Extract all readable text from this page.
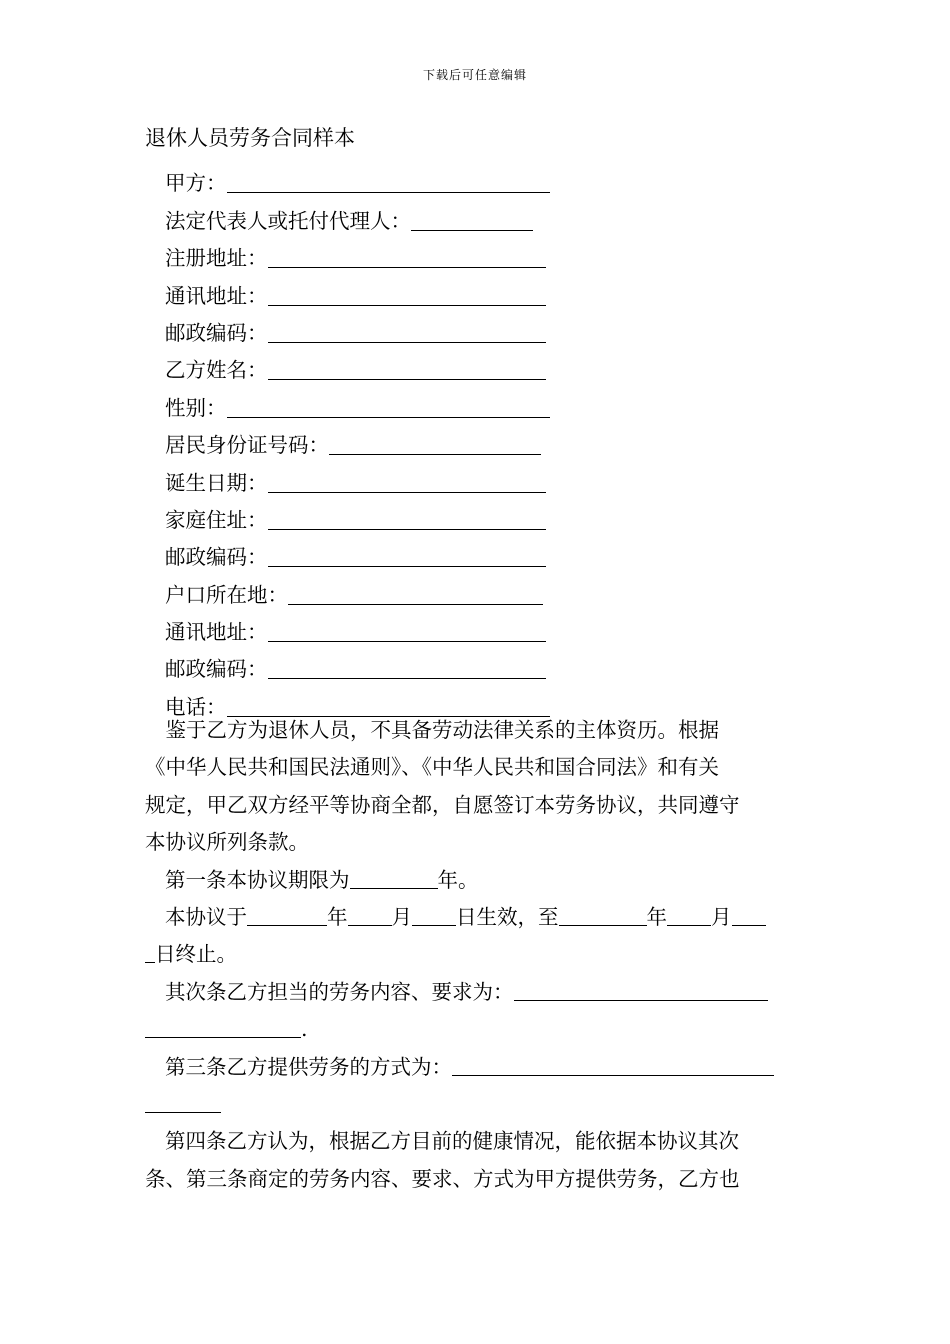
下载后可任意编辑
退休人员劳务合同样本
甲方：
法定代表人或托付代理人：
注册地址：
通讯地址：
邮政编码：
乙方姓名：
性别：
居民身份证号码：
诞生日期：
家庭住址：
邮政编码：
户口所在地：
通讯地址：
邮政编码：
电话：
　鉴于乙方为退休人员，不具备劳动法律关系的主体资历。根据
《中华人民共和国民法通则》、《中华人民共和国合同法》和有关
规定，甲乙双方经平等协商全都，自愿签订本劳务协议，共同遵守
本协议所列条款。
第一条本协议期限为	年。
本协议于	年 月 日生效，至	年 月
日终止。
其次条乙方担当的劳务内容、要求为：
.
第三条乙方提供劳务的方式为：
第四条乙方认为，根据乙方目前的健康情况，能依据本协议其次
条、第三条商定的劳务内容、要求、方式为甲方提供劳务，乙方也
